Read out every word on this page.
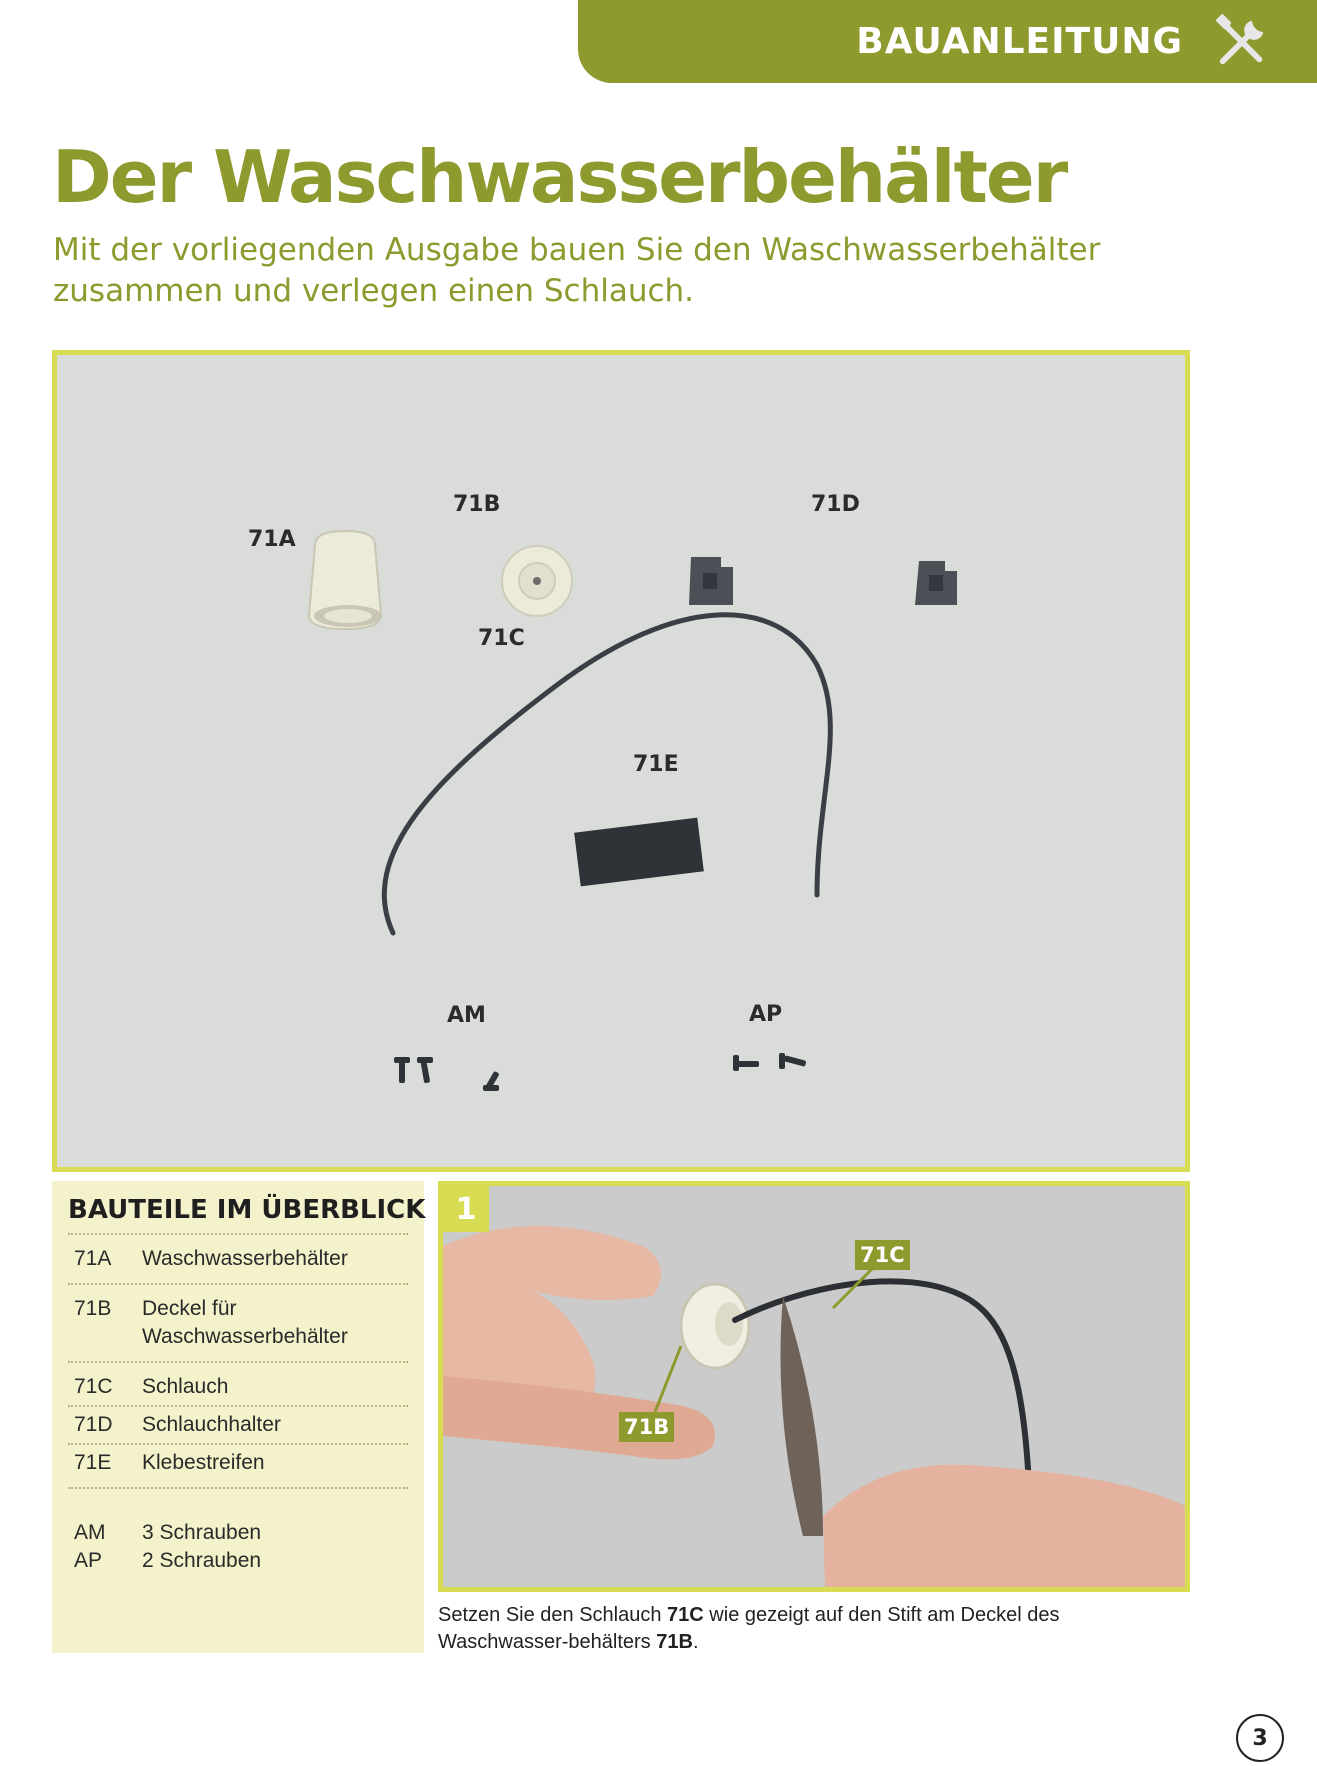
BAUANLEITUNG
Der Waschwasserbehälter

Mit der vorliegenden Ausgabe bauen Sie den Waschwasserbehälter zusammen und verlegen einen Schlauch.

71A
71B	71D
71C
71E
AM	AP
BAUTEILE IM ÜBERBLICK
71A	Waschwasserbehälter
71B	Deckel für Waschwasserbehälter
71C	Schlauch
71D	Schlauchhalter
71E	Klebestreifen
AM	3 Schrauben
AP	2 Schrauben
1
71C
71B

Setzen Sie den Schlauch 71C wie gezeigt auf den Stift am Deckel des Waschwasser-behälters 71B.

3
